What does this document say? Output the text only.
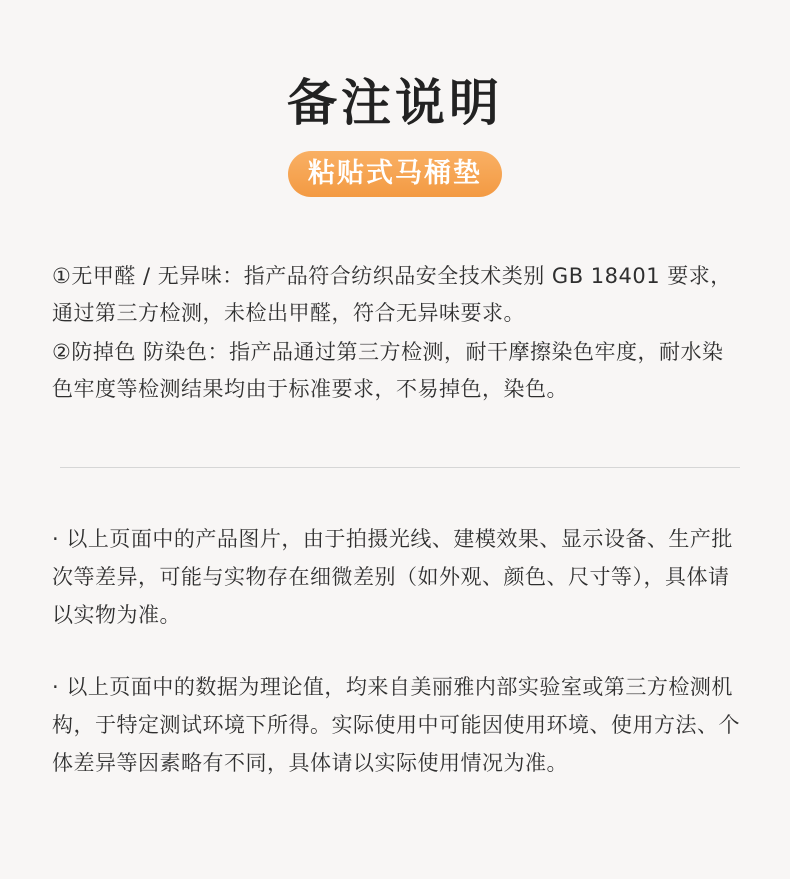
备注说明
粘贴式马桶垫
①无甲醛 / 无异味：指产品符合纺织品安全技术类别 GB 18401 要求，通过第三方检测，未检出甲醛，符合无异味要求。
②防掉色 防染色：指产品通过第三方检测，耐干摩擦染色牢度，耐水染色牢度等检测结果均由于标准要求，不易掉色，染色。
· 以上页面中的产品图片，由于拍摄光线、建模效果、显示设备、生产批次等差异，可能与实物存在细微差别（如外观、颜色、尺寸等），具体请以实物为准。
· 以上页面中的数据为理论值，均来自美丽雅内部实验室或第三方检测机构，于特定测试环境下所得。实际使用中可能因使用环境、使用方法、个体差异等因素略有不同，具体请以实际使用情况为准。
